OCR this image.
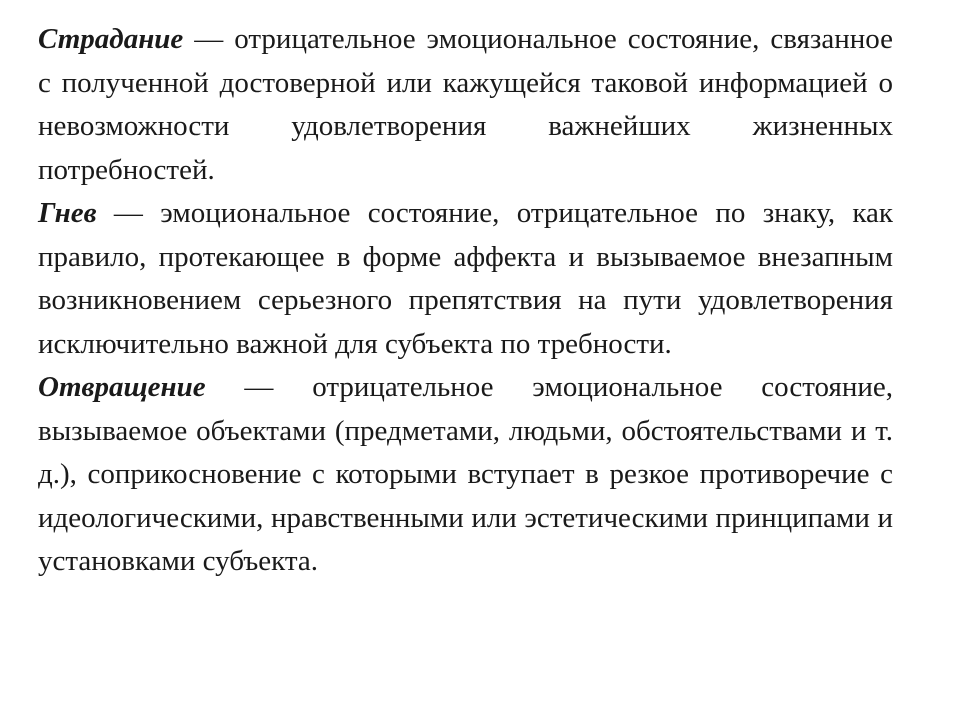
Страдание — отрицательное эмоциональное состояние, связанное с полученной достоверной или кажущейся таковой информацией о невозможности удовлетворения важнейших жизненных потребностей.

Гнев — эмоциональное состояние, отрицательное по знаку, как правило, протекающее в форме аффекта и вызываемое внезапным возникновением серьезного препятствия на пути удовлетворения исключительно важной для субъекта по требности.

Отвращение — отрицательное эмоциональное состояние, вызываемое объектами (предметами, людьми, обстоятельствами и т. д.), соприкосновение с которыми вступает в резкое противоречие с идеологическими, нравственными или эстетическими принципами и установками субъекта.
